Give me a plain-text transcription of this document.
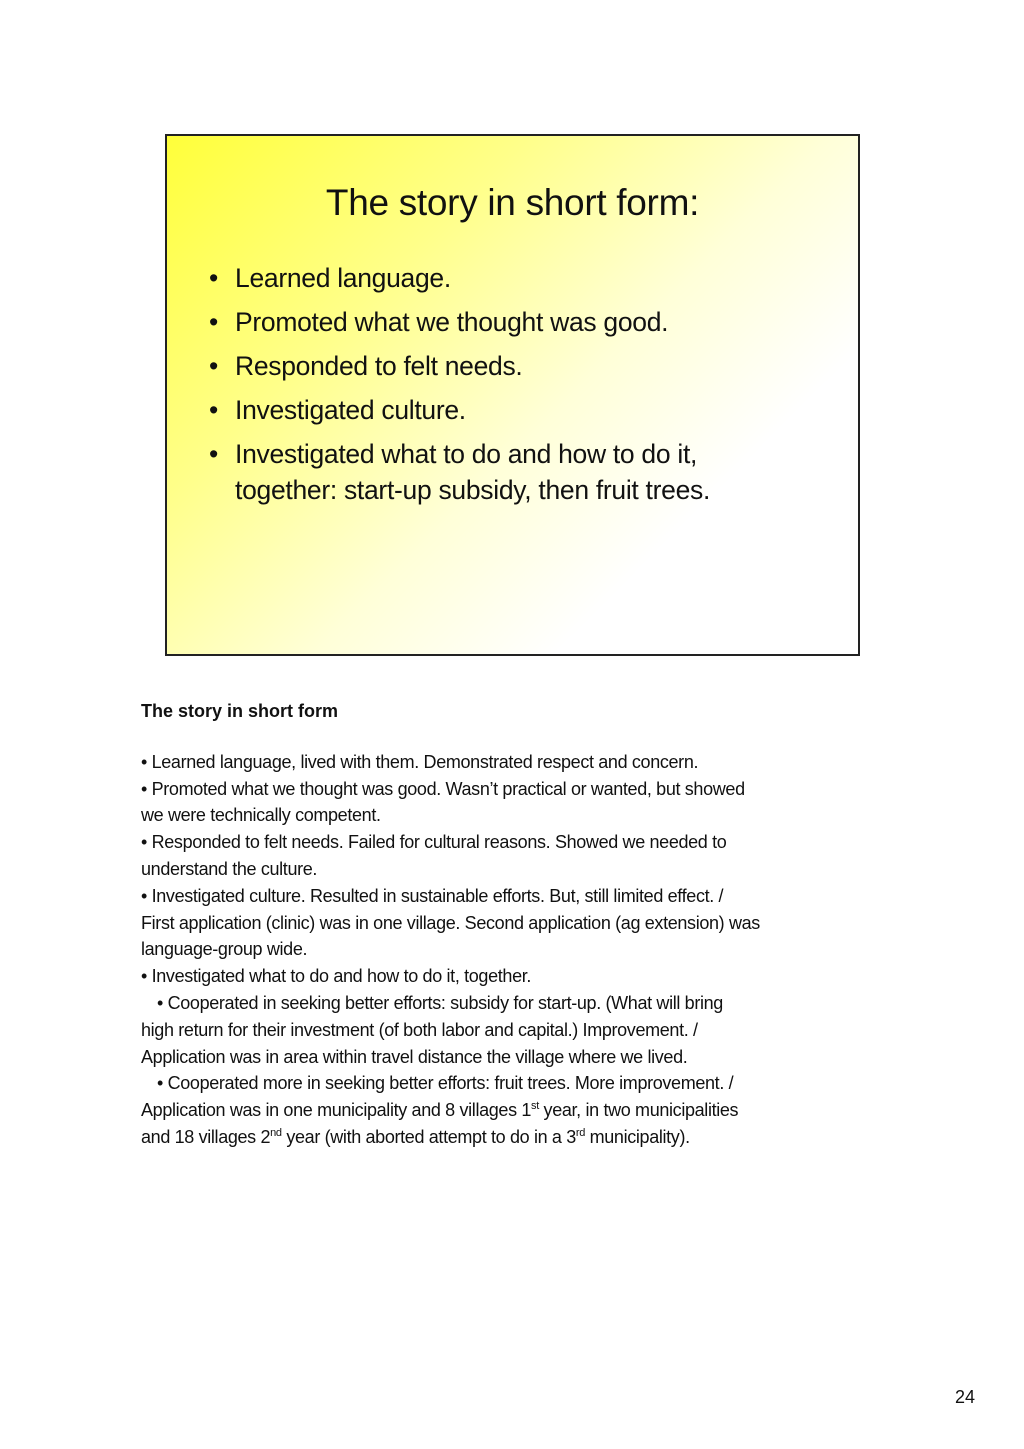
The story in short form:
• Learned language.
• Promoted what we thought was good.
• Responded to felt needs.
• Investigated culture.
• Investigated what to do and how to do it,
together: start-up subsidy, then fruit trees.
The story in short form
• Learned language, lived with them. Demonstrated respect and concern.
• Promoted what we thought was good. Wasn’t practical or wanted, but showed
we were technically competent.
• Responded to felt needs. Failed for cultural reasons. Showed we needed to
understand the culture.
• Investigated culture. Resulted in sustainable efforts. But, still limited effect. /
First application (clinic) was in one village. Second application (ag extension) was
language-group wide.
• Investigated what to do and how to do it, together.
• Cooperated in seeking better efforts: subsidy for start-up. (What will bring
high return for their investment (of both labor and capital.) Improvement. /
Application was in area within travel distance the village where we lived.
• Cooperated more in seeking better efforts: fruit trees. More improvement. /
Application was in one municipality and 8 villages 1st year, in two municipalities
and 18 villages 2nd year (with aborted attempt to do in a 3rd municipality).
24
